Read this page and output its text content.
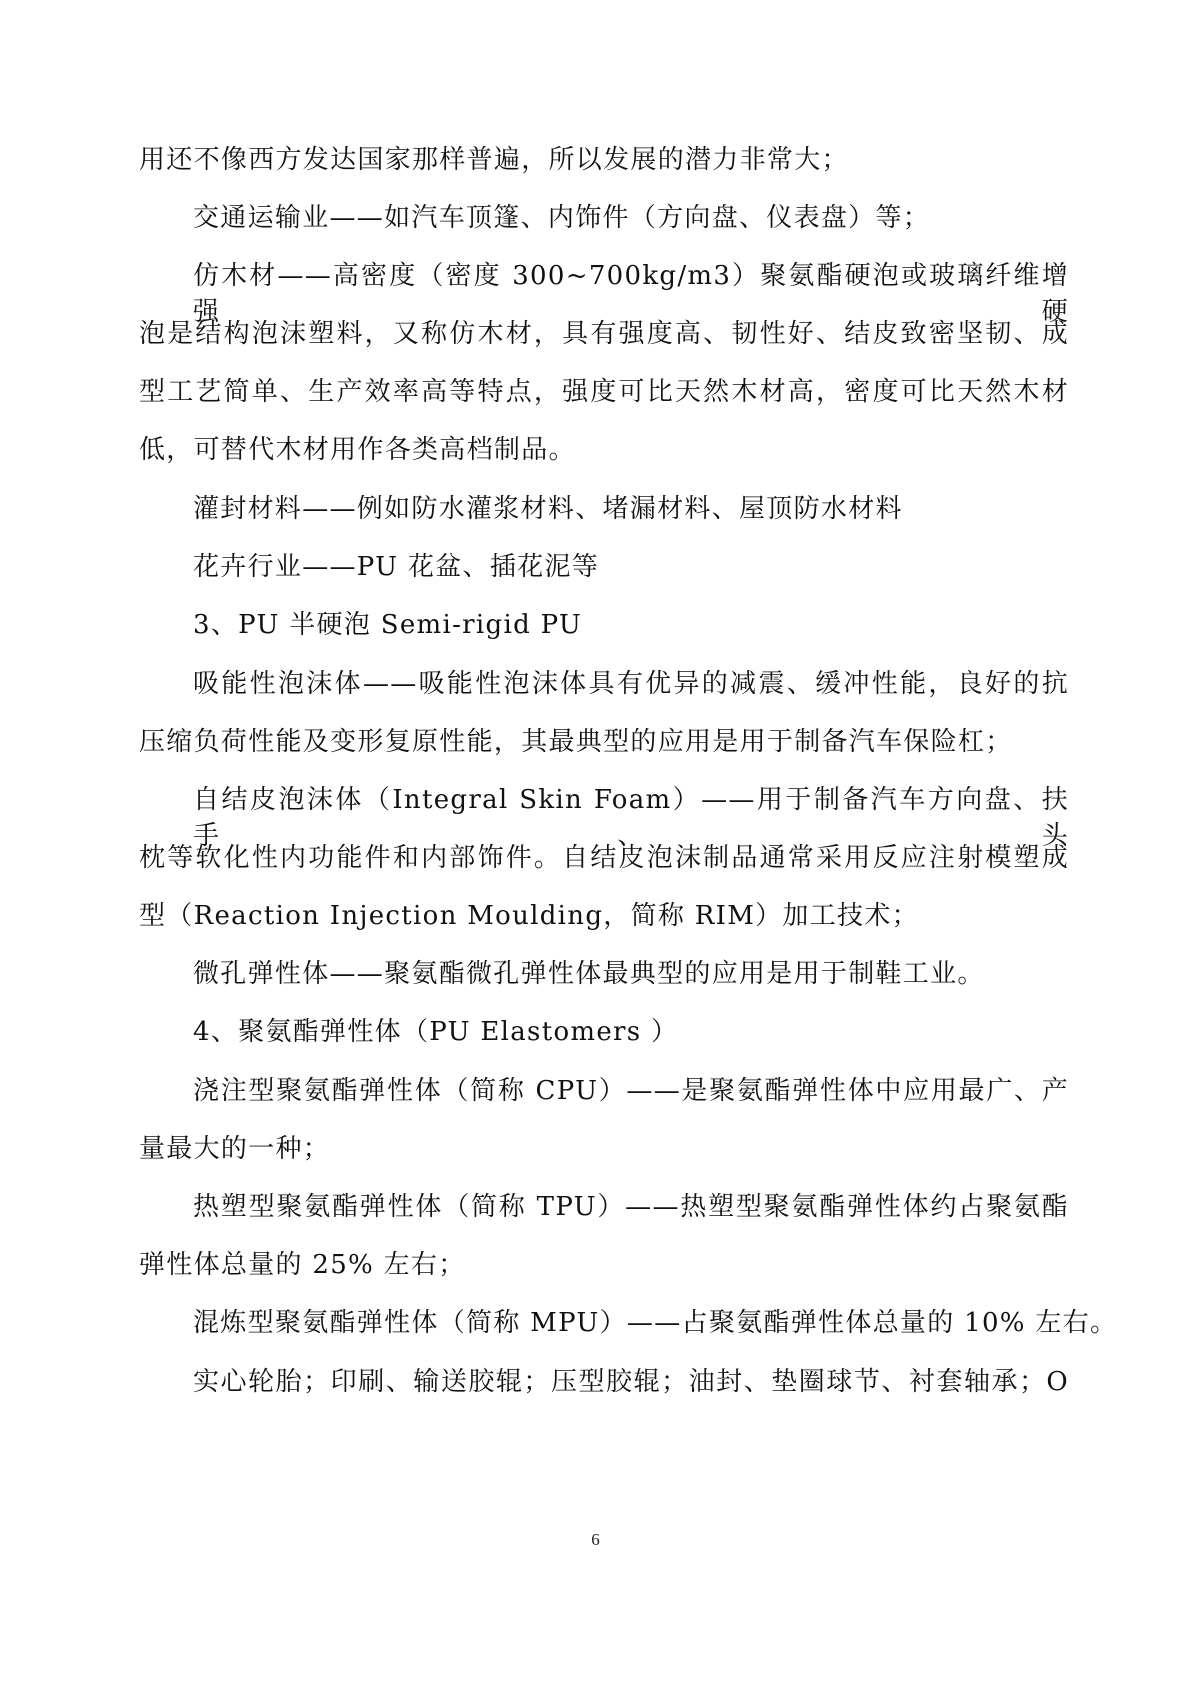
用还不像西方发达国家那样普遍，所以发展的潜力非常大；
交通运输业——如汽车顶篷、内饰件（方向盘、仪表盘）等；
仿木材——高密度（密度 300~700kg/m3）聚氨酯硬泡或玻璃纤维增强硬
泡是结构泡沫塑料，又称仿木材，具有强度高、韧性好、结皮致密坚韧、成
型工艺简单、生产效率高等特点，强度可比天然木材高，密度可比天然木材
低，可替代木材用作各类高档制品。
灌封材料——例如防水灌浆材料、堵漏材料、屋顶防水材料
花卉行业——PU 花盆、插花泥等
3、PU 半硬泡 Semi-rigid PU
吸能性泡沫体——吸能性泡沫体具有优异的减震、缓冲性能，良好的抗
压缩负荷性能及变形复原性能，其最典型的应用是用于制备汽车保险杠；
自结皮泡沫体（Integral Skin Foam）——用于制备汽车方向盘、扶手、头
枕等软化性内功能件和内部饰件。自结皮泡沫制品通常采用反应注射模塑成
型（Reaction Injection Moulding，简称 RIM）加工技术；
微孔弹性体——聚氨酯微孔弹性体最典型的应用是用于制鞋工业。
4、聚氨酯弹性体（PU Elastomers ）
浇注型聚氨酯弹性体（简称 CPU）——是聚氨酯弹性体中应用最广、产
量最大的一种；
热塑型聚氨酯弹性体（简称 TPU）——热塑型聚氨酯弹性体约占聚氨酯
弹性体总量的 25% 左右；
混炼型聚氨酯弹性体（简称 MPU）——占聚氨酯弹性体总量的 10% 左右。
实心轮胎；印刷、输送胶辊；压型胶辊；油封、垫圈球节、衬套轴承；O
6
